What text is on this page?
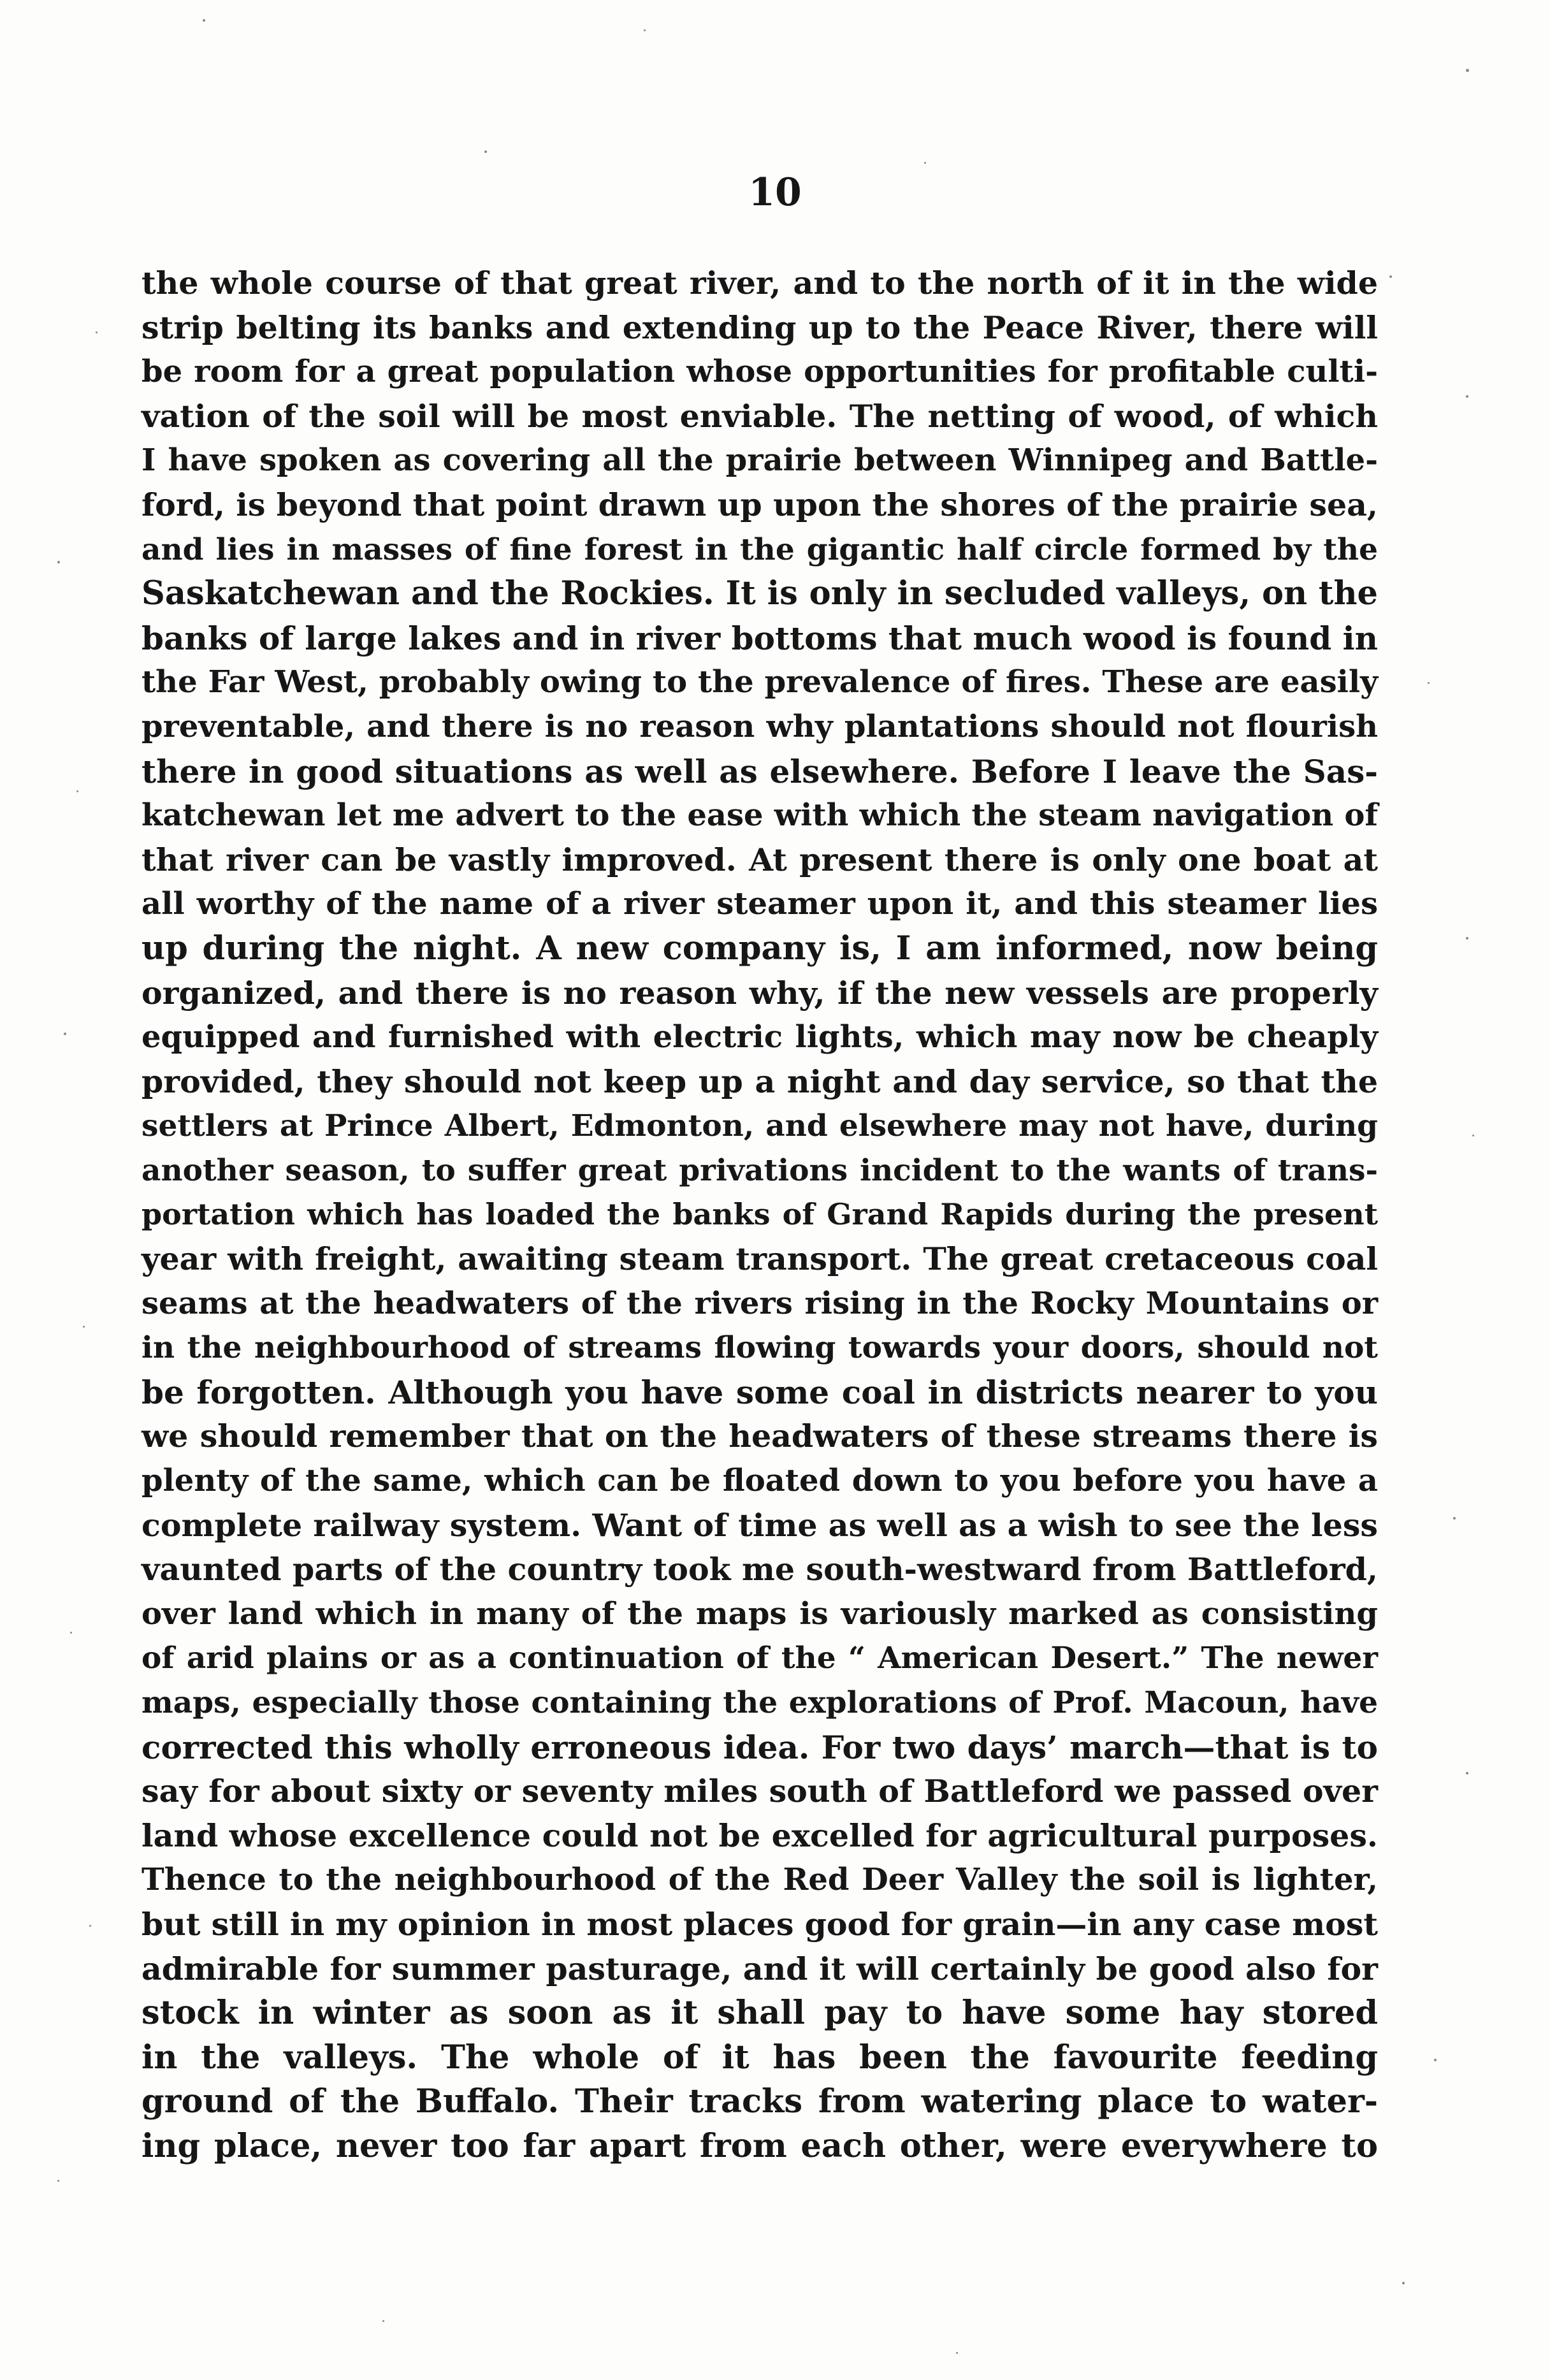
10
the whole course of that great river, and to the north of it in the wide
strip belting its banks and extending up to the Peace River, there will
be room for a great population whose opportunities for profitable culti-
vation of the soil will be most enviable. The netting of wood, of which
I have spoken as covering all the prairie between Winnipeg and Battle-
ford, is beyond that point drawn up upon the shores of the prairie sea,
and lies in masses of fine forest in the gigantic half circle formed by the
Saskatchewan and the Rockies. It is only in secluded valleys, on the
banks of large lakes and in river bottoms that much wood is found in
the Far West, probably owing to the prevalence of fires. These are easily
preventable, and there is no reason why plantations should not flourish
there in good situations as well as elsewhere. Before I leave the Sas-
katchewan let me advert to the ease with which the steam navigation of
that river can be vastly improved. At present there is only one boat at
all worthy of the name of a river steamer upon it, and this steamer lies
up during the night. A new company is, I am informed, now being
organized, and there is no reason why, if the new vessels are properly
equipped and furnished with electric lights, which may now be cheaply
provided, they should not keep up a night and day service, so that the
settlers at Prince Albert, Edmonton, and elsewhere may not have, during
another season, to suffer great privations incident to the wants of trans-
portation which has loaded the banks of Grand Rapids during the present
year with freight, awaiting steam transport. The great cretaceous coal
seams at the headwaters of the rivers rising in the Rocky Mountains or
in the neighbourhood of streams flowing towards your doors, should not
be forgotten. Although you have some coal in districts nearer to you
we should remember that on the headwaters of these streams there is
plenty of the same, which can be floated down to you before you have a
complete railway system. Want of time as well as a wish to see the less
vaunted parts of the country took me south-westward from Battleford,
over land which in many of the maps is variously marked as consisting
of arid plains or as a continuation of the “ American Desert.” The newer
maps, especially those containing the explorations of Prof. Macoun, have
corrected this wholly erroneous idea. For two days’ march—that is to
say for about sixty or seventy miles south of Battleford we passed over
land whose excellence could not be excelled for agricultural purposes.
Thence to the neighbourhood of the Red Deer Valley the soil is lighter,
but still in my opinion in most places good for grain—in any case most
admirable for summer pasturage, and it will certainly be good also for
stock in winter as soon as it shall pay to have some hay stored
in the valleys. The whole of it has been the favourite feeding
ground of the Buffalo. Their tracks from watering place to water-
ing place, never too far apart from each other, were everywhere to
